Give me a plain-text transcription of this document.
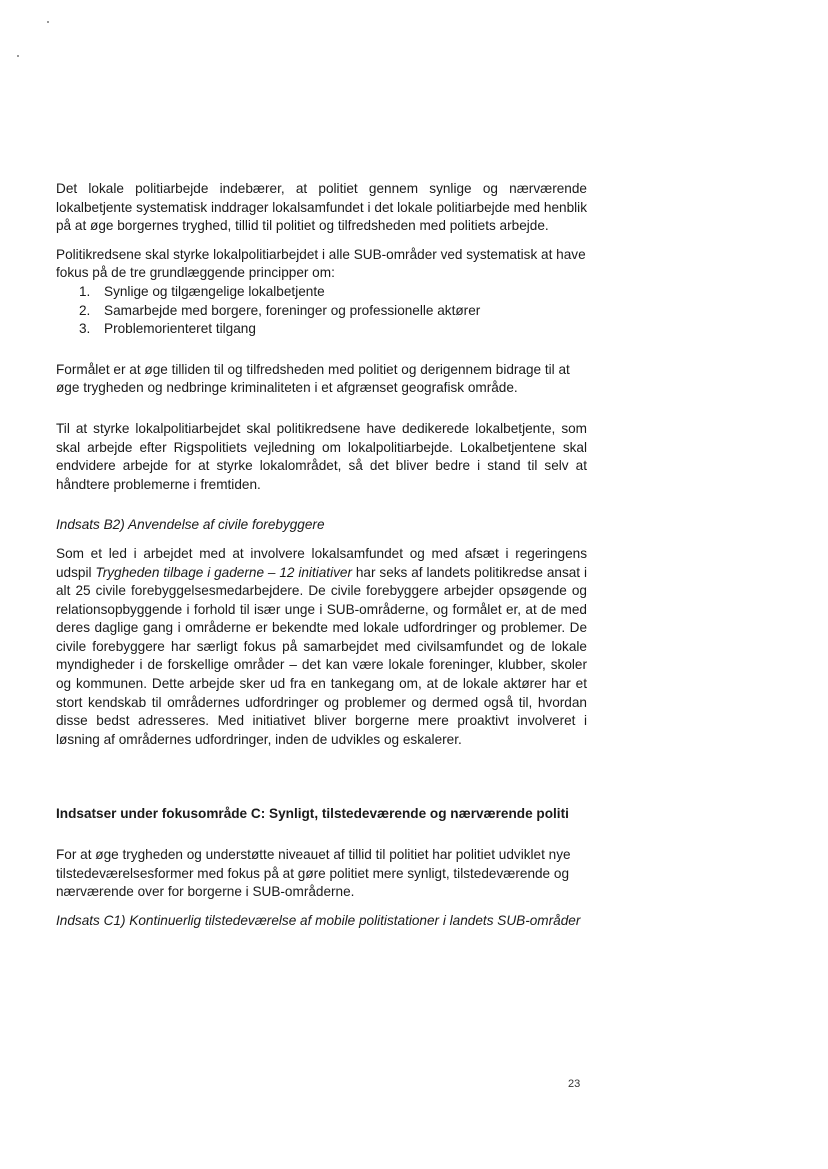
Det lokale politiarbejde indebærer, at politiet gennem synlige og nærværende lokalbetjente systematisk inddrager lokalsamfundet i det lokale politiarbejde med henblik på at øge borgernes tryghed, tillid til politiet og tilfredsheden med politiets arbejde.

Politikredsene skal styrke lokalpolitiarbejdet i alle SUB-områder ved systematisk at have fokus på de tre grundlæggende principper om:

1. Synlige og tilgængelige lokalbetjente
2. Samarbejde med borgere, foreninger og professionelle aktører
3. Problemorienteret tilgang

Formålet er at øge tilliden til og tilfredsheden med politiet og derigennem bidrage til at øge trygheden og nedbringe kriminaliteten i et afgrænset geografisk område.

Til at styrke lokalpolitiarbejdet skal politikredsene have dedikerede lokalbetjente, som skal arbejde efter Rigspolitiets vejledning om lokalpolitiarbejde. Lokalbetjentene skal endvidere arbejde for at styrke lokalområdet, så det bliver bedre i stand til selv at håndtere problemerne i fremtiden.

Indsats B2) Anvendelse af civile forebyggere

Som et led i arbejdet med at involvere lokalsamfundet og med afsæt i regeringens udspil Trygheden tilbage i gaderne – 12 initiativer har seks af landets politikredse ansat i alt 25 civile forebyggelsesmedarbejdere. De civile forebyggere arbejder opsøgende og relationsopbyggende i forhold til især unge i SUB-områderne, og formålet er, at de med deres daglige gang i områderne er bekendte med lokale udfordringer og problemer. De civile forebyggere har særligt fokus på samarbejdet med civilsamfundet og de lokale myndigheder i de forskellige områder – det kan være lokale foreninger, klubber, skoler og kommunen. Dette arbejde sker ud fra en tankegang om, at de lokale aktører har et stort kendskab til områdernes udfordringer og problemer og dermed også til, hvordan disse bedst adresseres. Med initiativet bliver borgerne mere proaktivt involveret i løsning af områdernes udfordringer, inden de udvikles og eskalerer.

Indsatser under fokusområde C: Synligt, tilstedeværende og nærværende politi

For at øge trygheden og understøtte niveauet af tillid til politiet har politiet udviklet nye tilstedeværelsesformer med fokus på at gøre politiet mere synligt, tilstedeværende og nærværende over for borgerne i SUB-områderne.

Indsats C1) Kontinuerlig tilstedeværelse af mobile politistationer i landets SUB-områder

23
